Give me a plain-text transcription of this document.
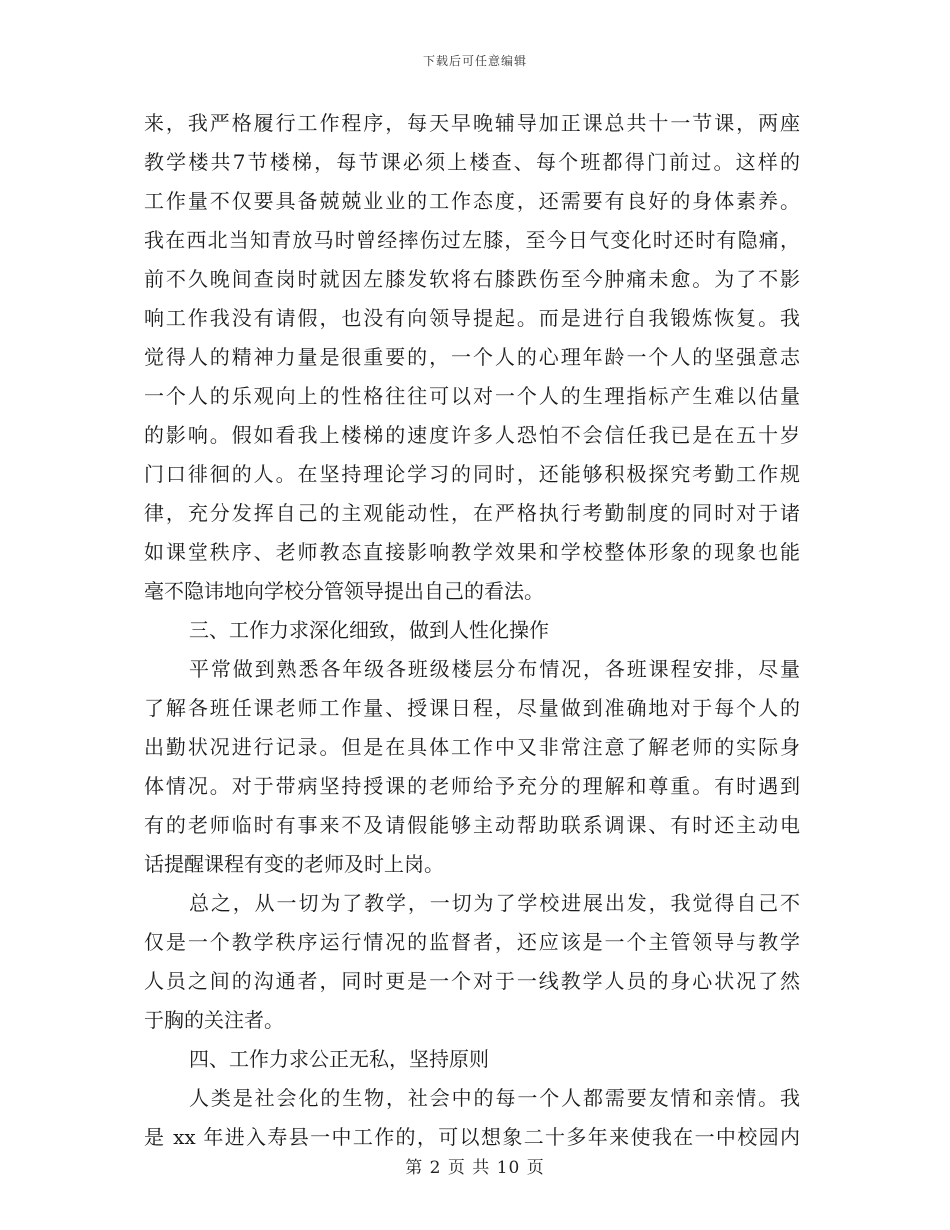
下载后可任意编辑
来，我严格履行工作程序，每天早晚辅导加正课总共十一节课，两座
教学楼共7节楼梯，每节课必须上楼查、每个班都得门前过。这样的
工作量不仅要具备兢兢业业的工作态度，还需要有良好的身体素养。
我在西北当知青放马时曾经摔伤过左膝，至今日气变化时还时有隐痛，
前不久晚间查岗时就因左膝发软将右膝跌伤至今肿痛未愈。为了不影
响工作我没有请假，也没有向领导提起。而是进行自我锻炼恢复。我
觉得人的精神力量是很重要的，一个人的心理年龄一个人的坚强意志
一个人的乐观向上的性格往往可以对一个人的生理指标产生难以估量
的影响。假如看我上楼梯的速度许多人恐怕不会信任我已是在五十岁
门口徘徊的人。在坚持理论学习的同时，还能够积极探究考勤工作规
律，充分发挥自己的主观能动性，在严格执行考勤制度的同时对于诸
如课堂秩序、老师教态直接影响教学效果和学校整体形象的现象也能
毫不隐讳地向学校分管领导提出自己的看法。
三、工作力求深化细致，做到人性化操作
平常做到熟悉各年级各班级楼层分布情况，各班课程安排，尽量
了解各班任课老师工作量、授课日程，尽量做到准确地对于每个人的
出勤状况进行记录。但是在具体工作中又非常注意了解老师的实际身
体情况。对于带病坚持授课的老师给予充分的理解和尊重。有时遇到
有的老师临时有事来不及请假能够主动帮助联系调课、有时还主动电
话提醒课程有变的老师及时上岗。
总之，从一切为了教学，一切为了学校进展出发，我觉得自己不
仅是一个教学秩序运行情况的监督者，还应该是一个主管领导与教学
人员之间的沟通者，同时更是一个对于一线教学人员的身心状况了然
于胸的关注者。
四、工作力求公正无私，坚持原则
人类是社会化的生物，社会中的每一个人都需要友情和亲情。我
是 xx 年进入寿县一中工作的，可以想象二十多年来使我在一中校园内
第 2 页 共 10 页
